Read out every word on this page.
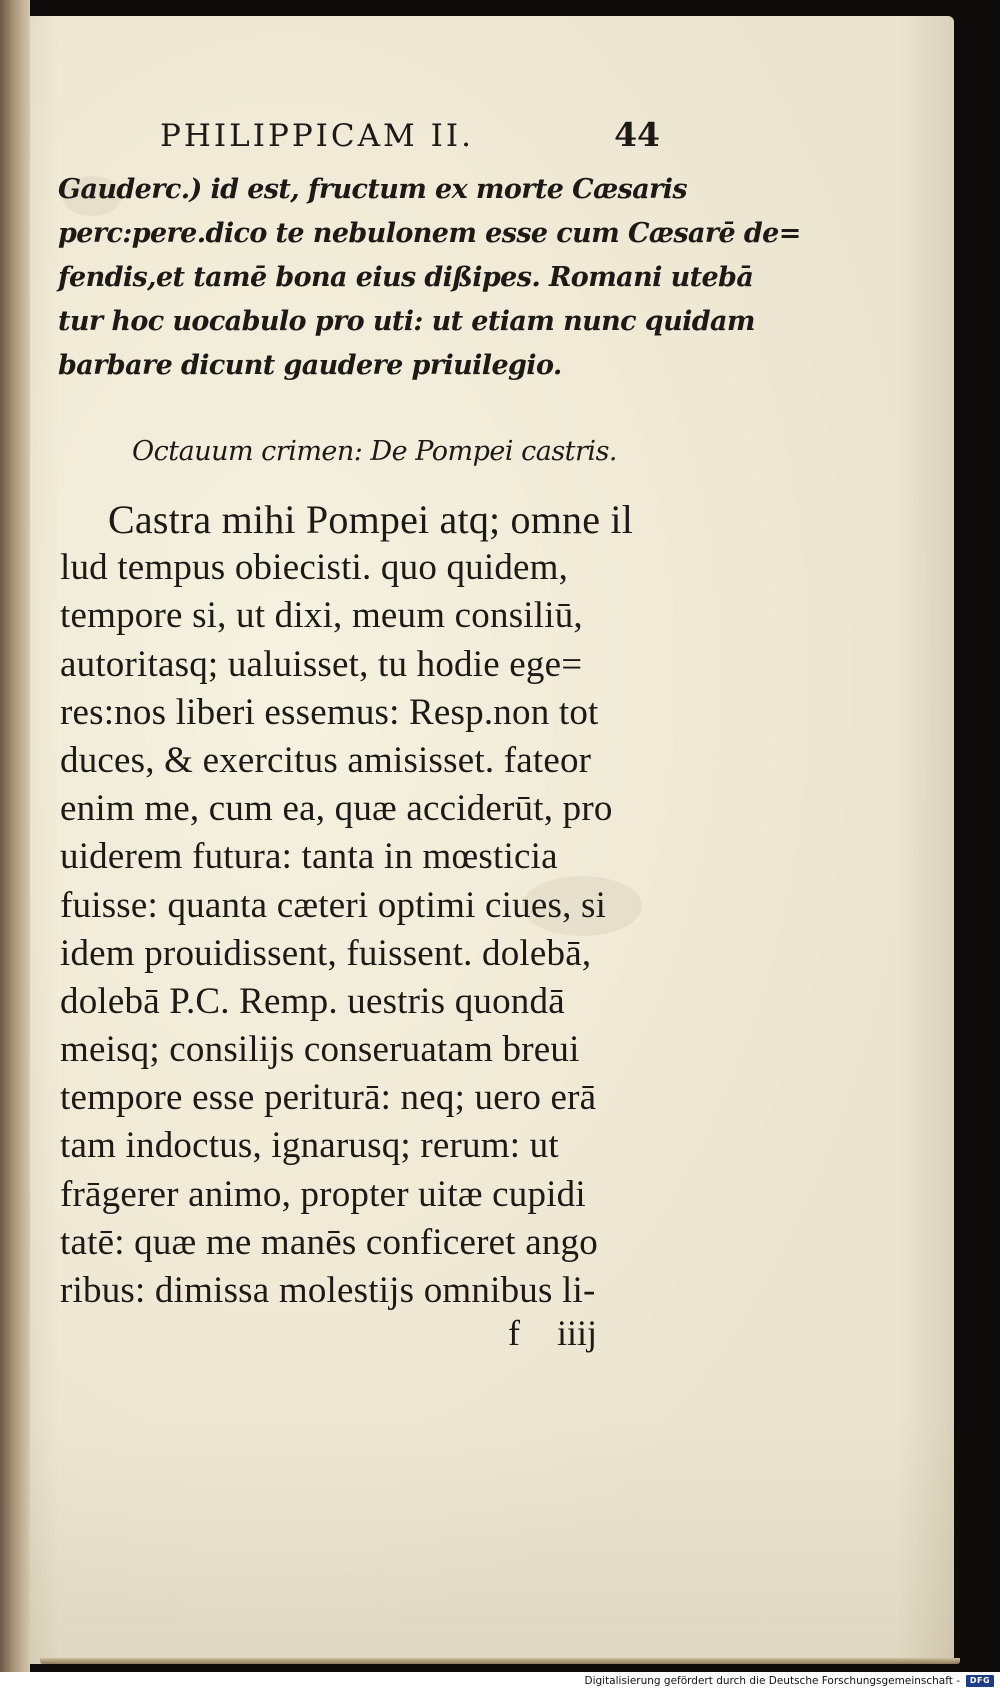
PHILIPPICAM II.	44
Gauderc.) id est, fructum ex morte Cæsaris
perc:pere.dico te nebulonem esse cum Cæsarē de=
fendis,et tamē bona eius dißipes. Romani utebā
tur hoc uocabulo pro uti: ut etiam nunc quidam
barbare dicunt gaudere priuilegio.
Octauum crimen: De Pompei castris.
Castra mihi Pompei atq; omne il
lud tempus obiecisti. quo quidem,
tempore si, ut dixi, meum consiliū,
autoritasq; ualuisset, tu hodie ege=
res:nos liberi essemus: Resp.non tot
duces, & exercitus amisisset. fateor
enim me, cum ea, quæ acciderūt, pro
uiderem futura: tanta in mœsticia
fuisse: quanta cæteri optimi ciues, si
idem prouidissent, fuissent. dolebā,
dolebā P.C. Remp. uestris quondā
meisq; consilijs conseruatam breui
tempore esse periturā: neq; uero erā
tam indoctus, ignarusq; rerum: ut
frāgerer animo, propter uitæ cupidi
tatē: quæ me manēs conficeret ango
ribus: dimissa molestijs omnibus li-
f iiij
Digitalisierung gefördert durch die Deutsche Forschungsgemeinschaft -	DFG
